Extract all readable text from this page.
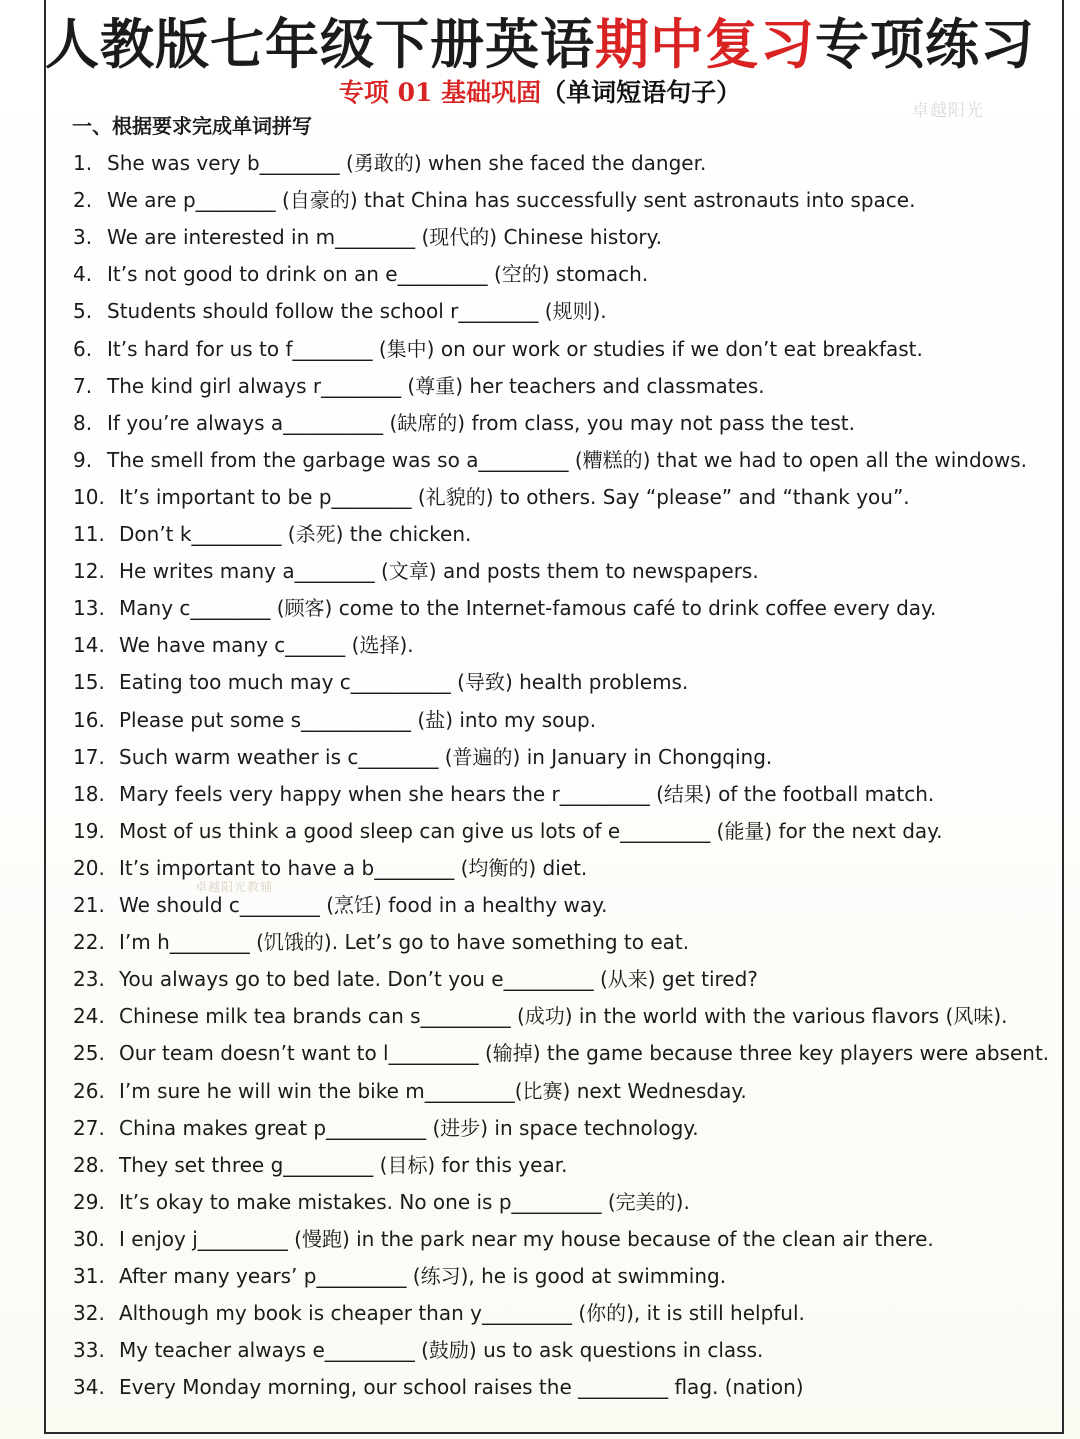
人教版七年级下册英语期中复习专项练习
专项 01 基础巩固（单词短语句子）
卓越阳光
卓越阳光教辅
一、根据要求完成单词拼写
1. She was very b________ (勇敢的) when she faced the danger.
2. We are p________ (自豪的) that China has successfully sent astronauts into space.
3. We are interested in m________ (现代的) Chinese history.
4. It’s not good to drink on an e_________ (空的) stomach.
5. Students should follow the school r________ (规则).
6. It’s hard for us to f________ (集中) on our work or studies if we don’t eat breakfast.
7. The kind girl always r________ (尊重) her teachers and classmates.
8. If you’re always a__________ (缺席的) from class, you may not pass the test.
9. The smell from the garbage was so a_________ (糟糕的) that we had to open all the windows.
10. It’s important to be p________ (礼貌的) to others. Say “please” and “thank you”.
11. Don’t k_________ (杀死) the chicken.
12. He writes many a________ (文章) and posts them to newspapers.
13. Many c________ (顾客) come to the Internet-famous café to drink coffee every day.
14. We have many c______ (选择).
15. Eating too much may c__________ (导致) health problems.
16. Please put some s___________ (盐) into my soup.
17. Such warm weather is c________ (普遍的) in January in Chongqing.
18. Mary feels very happy when she hears the r_________ (结果) of the football match.
19. Most of us think a good sleep can give us lots of e_________ (能量) for the next day.
20. It’s important to have a b________ (均衡的) diet.
21. We should c________ (烹饪) food in a healthy way.
22. I’m h________ (饥饿的). Let’s go to have something to eat.
23. You always go to bed late. Don’t you e_________ (从来) get tired?
24. Chinese milk tea brands can s_________ (成功) in the world with the various flavors (风味).
25. Our team doesn’t want to l_________ (输掉) the game because three key players were absent.
26. I’m sure he will win the bike m_________(比赛) next Wednesday.
27. China makes great p__________ (进步) in space technology.
28. They set three g_________ (目标) for this year.
29. It’s okay to make mistakes. No one is p_________ (完美的).
30. I enjoy j_________ (慢跑) in the park near my house because of the clean air there.
31. After many years’ p_________ (练习), he is good at swimming.
32. Although my book is cheaper than y_________ (你的), it is still helpful.
33. My teacher always e_________ (鼓励) us to ask questions in class.
34. Every Monday morning, our school raises the _________ flag. (nation)
